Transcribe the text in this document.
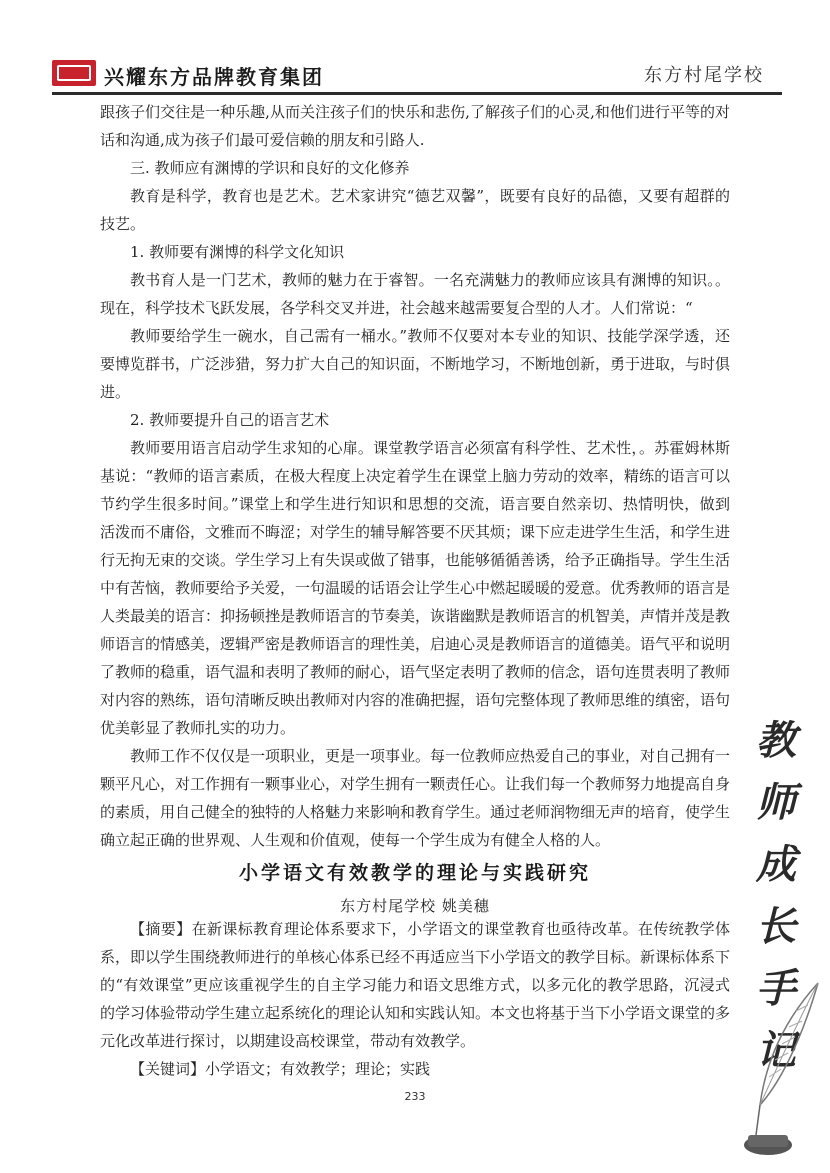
兴耀东方品牌教育集团	东方村尾学校

跟孩子们交往是一种乐趣,从而关注孩子们的快乐和悲伤,了解孩子们的心灵,和他们进行平等的对话和沟通,成为孩子们最可爱信赖的朋友和引路人.

三. 教师应有渊博的学识和良好的文化修养

教育是科学，教育也是艺术。艺术家讲究“德艺双馨”，既要有良好的品德，又要有超群的技艺。

1. 教师要有渊博的科学文化知识

教书育人是一门艺术，教师的魅力在于睿智。一名充满魅力的教师应该具有渊博的知识。。现在，科学技术飞跃发展，各学科交叉并进，社会越来越需要复合型的人才。人们常说：“

教师要给学生一碗水，自己需有一桶水。”教师不仅要对本专业的知识、技能学深学透，还要博览群书，广泛涉猎，努力扩大自己的知识面，不断地学习，不断地创新，勇于进取，与时俱进。

2. 教师要提升自己的语言艺术

教师要用语言启动学生求知的心扉。课堂教学语言必须富有科学性、艺术性，。苏霍姆林斯基说：“教师的语言素质，在极大程度上决定着学生在课堂上脑力劳动的效率，精练的语言可以节约学生很多时间。”课堂上和学生进行知识和思想的交流，语言要自然亲切、热情明快，做到活泼而不庸俗，文雅而不晦涩；对学生的辅导解答要不厌其烦；课下应走进学生生活，和学生进行无拘无束的交谈。学生学习上有失误或做了错事，也能够循循善诱，给予正确指导。学生生活中有苦恼，教师要给予关爱，一句温暖的话语会让学生心中燃起暖暖的爱意。优秀教师的语言是人类最美的语言：抑扬顿挫是教师语言的节奏美，诙谐幽默是教师语言的机智美，声情并茂是教师语言的情感美，逻辑严密是教师语言的理性美，启迪心灵是教师语言的道德美。语气平和说明了教师的稳重，语气温和表明了教师的耐心，语气坚定表明了教师的信念，语句连贯表明了教师对内容的熟练，语句清晰反映出教师对内容的准确把握，语句完整体现了教师思维的缜密，语句优美彰显了教师扎实的功力。

教师工作不仅仅是一项职业，更是一项事业。每一位教师应热爱自己的事业，对自己拥有一颗平凡心，对工作拥有一颗事业心，对学生拥有一颗责任心。让我们每一个教师努力地提高自身的素质，用自己健全的独特的人格魅力来影响和教育学生。通过老师润物细无声的培育，使学生确立起正确的世界观、人生观和价值观，使每一个学生成为有健全人格的人。

教
师
成
长
手
记
小学语文有效教学的理论与实践研究
东方村尾学校 姚美穗

【摘要】在新课标教育理论体系要求下，小学语文的课堂教育也亟待改革。在传统教学体系，即以学生围绕教师进行的单核心体系已经不再适应当下小学语文的教学目标。新课标体系下的“有效课堂”更应该重视学生的自主学习能力和语文思维方式，以多元化的教学思路，沉浸式的学习体验带动学生建立起系统化的理论认知和实践认知。本文也将基于当下小学语文课堂的多元化改革进行探讨，以期建设高校课堂，带动有效教学。

【关键词】小学语文；有效教学；理论；实践

233
